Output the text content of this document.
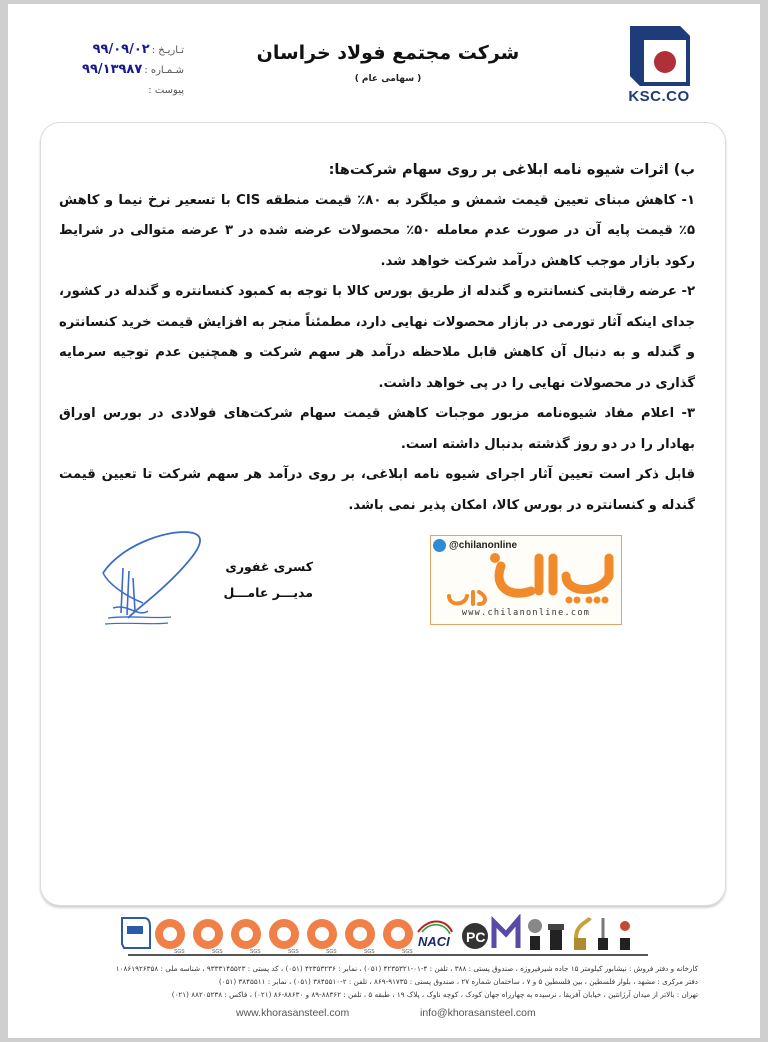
KSC.CO
شرکت مجتمع فولاد خراسان
( سهامی عام )
تـاریـخ :۹۹/۰۹/۰۲
شـمـاره :۹۹/۱۳۹۸۷
پیوست :

ب) اثرات شیوه نامه ابلاغی بر روی سهام شرکت‌ها:

۱- کاهش مبنای تعیین قیمت شمش و میلگرد به ۸۰٪ قیمت منطقه CIS با تسعیر نرخ نیما و کاهش ۵٪ قیمت پایه آن در صورت عدم معامله ۵۰٪ محصولات عرضه شده در ۳ عرضه متوالی در شرایط رکود بازار موجب کاهش درآمد شرکت خواهد شد.

۲- عرضه رقابتی کنسانتره و گندله از طریق بورس کالا با توجه به کمبود کنسانتره و گندله در کشور، جدای اینکه آثار تورمی در بازار محصولات نهایی دارد، مطمئناً منجر به افزایش قیمت خرید کنسانتره و گندله و به دنبال آن کاهش قابل ملاحظه درآمد هر سهم شرکت و همچنین عدم توجیه سرمایه گذاری در محصولات نهایی را در پی خواهد داشت.

۳- اعلام مفاد شیوه‌نامه مزبور موجبات کاهش قیمت سهام شرکت‌های فولادی در بورس اوراق بهادار را در دو روز گذشته بدنبال داشته است.

قابل ذکر است تعیین آثار اجرای شیوه نامه ابلاغی، بر روی درآمد هر سهم شرکت تا تعیین قیمت گندله و کنسانتره در بورس کالا، امکان پذیر نمی باشد.

کسری غفوری
مدیـــر عامـــل
@chilanonline
www.chilanonline.com
SGS	SGS	SGS	SGS	SGS	SGS	SGS
NACI PC
کارخانه و دفتر فروش : نیشابور کیلومتر ۱۵ جاده شیرفیروزه ، صندوق پستی : ۳۸۸ ، تلفن : ۴-۰۱-۴۲۳۵۳۲۱ (۰۵۱) ، نمابر : ۴۲۳۵۳۲۳۶ (۰۵۱) ، کد پستی : ۹۳۳۳۱۴۵۵۲۳ ، شناسه ملی : ۱۰۸۶۱۹۲۶۳۵۸
دفتر مرکزی : مشهد ، بلوار فلسطین ، بین فلسطین ۵ و ۷ ، ساختمان شماره ۲۷ ، صندوق پستی : ۹۱۷۳۵-۸۶۹ ، تلفن : ۲-۳۸۴۵۵۱۰ (۰۵۱) ، نمابر : ۳۸۴۵۵۱۱ (۰۵۱)
تهران : بالاتر از میدان آرژانتین ، خیابان آفریقا ، نرسیده به چهارراه جهان کودک ، کوچه ناوک ، پلاک ۱۹ ، طبقه ۵ ، تلفن : ۸۸۳۶۲-۸۹ و ۸۸۶۳۰-۸۶ (۰۲۱) ، فاکس : ۸۸۲۰۵۲۳۸ (۰۲۱)
www.khorasansteel.com	info@khorasansteel.com
